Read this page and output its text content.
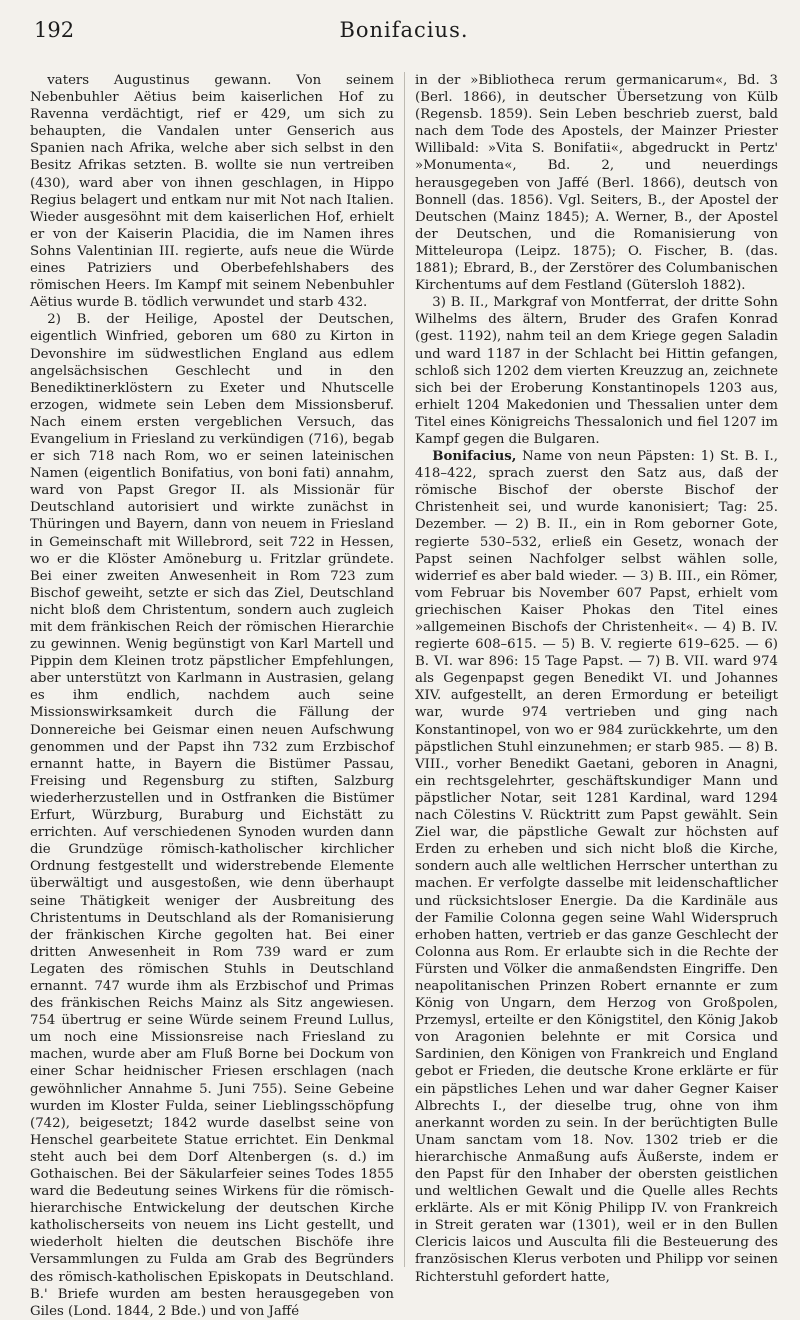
192	Bonifacius.

vaters Augustinus gewann. Von seinem Nebenbuhler Aëtius beim kaiserlichen Hof zu Ravenna verdächtigt, rief er 429, um sich zu behaupten, die Vandalen unter Genserich aus Spanien nach Afrika, welche aber sich selbst in den Besitz Afrikas setzten. B. wollte sie nun vertreiben (430), ward aber von ihnen geschlagen, in Hippo Regius belagert und entkam nur mit Not nach Italien. Wieder ausgesöhnt mit dem kaiserlichen Hof, erhielt er von der Kaiserin Placidia, die im Namen ihres Sohns Valentinian III. regierte, aufs neue die Würde eines Patriziers und Oberbefehlshabers des römischen Heers. Im Kampf mit seinem Nebenbuhler Aëtius wurde B. tödlich verwundet und starb 432.

2) B. der Heilige, Apostel der Deutschen, eigentlich Winfried, geboren um 680 zu Kirton in Devonshire im südwestlichen England aus edlem angelsächsischen Geschlecht und in den Benediktinerklöstern zu Exeter und Nhutscelle erzogen, widmete sein Leben dem Missionsberuf. Nach einem ersten vergeblichen Versuch, das Evangelium in Friesland zu verkündigen (716), begab er sich 718 nach Rom, wo er seinen lateinischen Namen (eigentlich Bonifatius, von boni fati) annahm, ward von Papst Gregor II. als Missionär für Deutschland autorisiert und wirkte zunächst in Thüringen und Bayern, dann von neuem in Friesland in Gemeinschaft mit Willebrord, seit 722 in Hessen, wo er die Klöster Amöneburg u. Fritzlar gründete. Bei einer zweiten Anwesenheit in Rom 723 zum Bischof geweiht, setzte er sich das Ziel, Deutschland nicht bloß dem Christentum, sondern auch zugleich mit dem fränkischen Reich der römischen Hierarchie zu gewinnen. Wenig begünstigt von Karl Martell und Pippin dem Kleinen trotz päpstlicher Empfehlungen, aber unterstützt von Karlmann in Austrasien, gelang es ihm endlich, nachdem auch seine Missionswirksamkeit durch die Fällung der Donnereiche bei Geismar einen neuen Aufschwung genommen und der Papst ihn 732 zum Erzbischof ernannt hatte, in Bayern die Bistümer Passau, Freising und Regensburg zu stiften, Salzburg wiederherzustellen und in Ostfranken die Bistümer Erfurt, Würzburg, Buraburg und Eichstätt zu errichten. Auf verschiedenen Synoden wurden dann die Grundzüge römisch-katholischer kirchlicher Ordnung festgestellt und widerstrebende Elemente überwältigt und ausgestoßen, wie denn überhaupt seine Thätigkeit weniger der Ausbreitung des Christentums in Deutschland als der Romanisierung der fränkischen Kirche gegolten hat. Bei einer dritten Anwesenheit in Rom 739 ward er zum Legaten des römischen Stuhls in Deutschland ernannt. 747 wurde ihm als Erzbischof und Primas des fränkischen Reichs Mainz als Sitz angewiesen. 754 übertrug er seine Würde seinem Freund Lullus, um noch eine Missionsreise nach Friesland zu machen, wurde aber am Fluß Borne bei Dockum von einer Schar heidnischer Friesen erschlagen (nach gewöhnlicher Annahme 5. Juni 755). Seine Gebeine wurden im Kloster Fulda, seiner Lieblingsschöpfung (742), beigesetzt; 1842 wurde daselbst seine von Henschel gearbeitete Statue errichtet. Ein Denkmal steht auch bei dem Dorf Altenbergen (s. d.) im Gothaischen. Bei der Säkularfeier seines Todes 1855 ward die Bedeutung seines Wirkens für die römisch-hierarchische Entwickelung der deutschen Kirche katholischerseits von neuem ins Licht gestellt, und wiederholt hielten die deutschen Bischöfe ihre Versammlungen zu Fulda am Grab des Begründers des römisch-katholischen Episkopats in Deutschland. B.' Briefe wurden am besten herausgegeben von Giles (Lond. 1844, 2 Bde.) und von Jaffé

in der »Bibliotheca rerum germanicarum«, Bd. 3 (Berl. 1866), in deutscher Übersetzung von Külb (Regensb. 1859). Sein Leben beschrieb zuerst, bald nach dem Tode des Apostels, der Mainzer Priester Willibald: »Vita S. Bonifatii«, abgedruckt in Pertz' »Monumenta«, Bd. 2, und neuerdings herausgegeben von Jaffé (Berl. 1866), deutsch von Bonnell (das. 1856). Vgl. Seiters, B., der Apostel der Deutschen (Mainz 1845); A. Werner, B., der Apostel der Deutschen, und die Romanisierung von Mitteleuropa (Leipz. 1875); O. Fischer, B. (das. 1881); Ebrard, B., der Zerstörer des Columbanischen Kirchentums auf dem Festland (Gütersloh 1882).

3) B. II., Markgraf von Montferrat, der dritte Sohn Wilhelms des ältern, Bruder des Grafen Konrad (gest. 1192), nahm teil an dem Kriege gegen Saladin und ward 1187 in der Schlacht bei Hittin gefangen, schloß sich 1202 dem vierten Kreuzzug an, zeichnete sich bei der Eroberung Konstantinopels 1203 aus, erhielt 1204 Makedonien und Thessalien unter dem Titel eines Königreichs Thessalonich und fiel 1207 im Kampf gegen die Bulgaren.

Bonifacius, Name von neun Päpsten: 1) St. B. I., 418–422, sprach zuerst den Satz aus, daß der römische Bischof der oberste Bischof der Christenheit sei, und wurde kanonisiert; Tag: 25. Dezember. — 2) B. II., ein in Rom geborner Gote, regierte 530–532, erließ ein Gesetz, wonach der Papst seinen Nachfolger selbst wählen solle, widerrief es aber bald wieder. — 3) B. III., ein Römer, vom Februar bis November 607 Papst, erhielt vom griechischen Kaiser Phokas den Titel eines »allgemeinen Bischofs der Christenheit«. — 4) B. IV. regierte 608–615. — 5) B. V. regierte 619–625. — 6) B. VI. war 896: 15 Tage Papst. — 7) B. VII. ward 974 als Gegenpapst gegen Benedikt VI. und Johannes XIV. aufgestellt, an deren Ermordung er beteiligt war, wurde 974 vertrieben und ging nach Konstantinopel, von wo er 984 zurückkehrte, um den päpstlichen Stuhl einzunehmen; er starb 985. — 8) B. VIII., vorher Benedikt Gaetani, geboren in Anagni, ein rechtsgelehrter, geschäftskundiger Mann und päpstlicher Notar, seit 1281 Kardinal, ward 1294 nach Cölestins V. Rücktritt zum Papst gewählt. Sein Ziel war, die päpstliche Gewalt zur höchsten auf Erden zu erheben und sich nicht bloß die Kirche, sondern auch alle weltlichen Herrscher unterthan zu machen. Er verfolgte dasselbe mit leidenschaftlicher und rücksichtsloser Energie. Da die Kardinäle aus der Familie Colonna gegen seine Wahl Widerspruch erhoben hatten, vertrieb er das ganze Geschlecht der Colonna aus Rom. Er erlaubte sich in die Rechte der Fürsten und Völker die anmaßendsten Eingriffe. Den neapolitanischen Prinzen Robert ernannte er zum König von Ungarn, dem Herzog von Großpolen, Przemysl, erteilte er den Königstitel, den König Jakob von Aragonien belehnte er mit Corsica und Sardinien, den Königen von Frankreich und England gebot er Frieden, die deutsche Krone erklärte er für ein päpstliches Lehen und war daher Gegner Kaiser Albrechts I., der dieselbe trug, ohne von ihm anerkannt worden zu sein. In der berüchtigten Bulle Unam sanctam vom 18. Nov. 1302 trieb er die hierarchische Anmaßung aufs Äußerste, indem er den Papst für den Inhaber der obersten geistlichen und weltlichen Gewalt und die Quelle alles Rechts erklärte. Als er mit König Philipp IV. von Frankreich in Streit geraten war (1301), weil er in den Bullen Clericis laicos und Ausculta fili die Besteuerung des französischen Klerus verboten und Philipp vor seinen Richterstuhl gefordert hatte,
